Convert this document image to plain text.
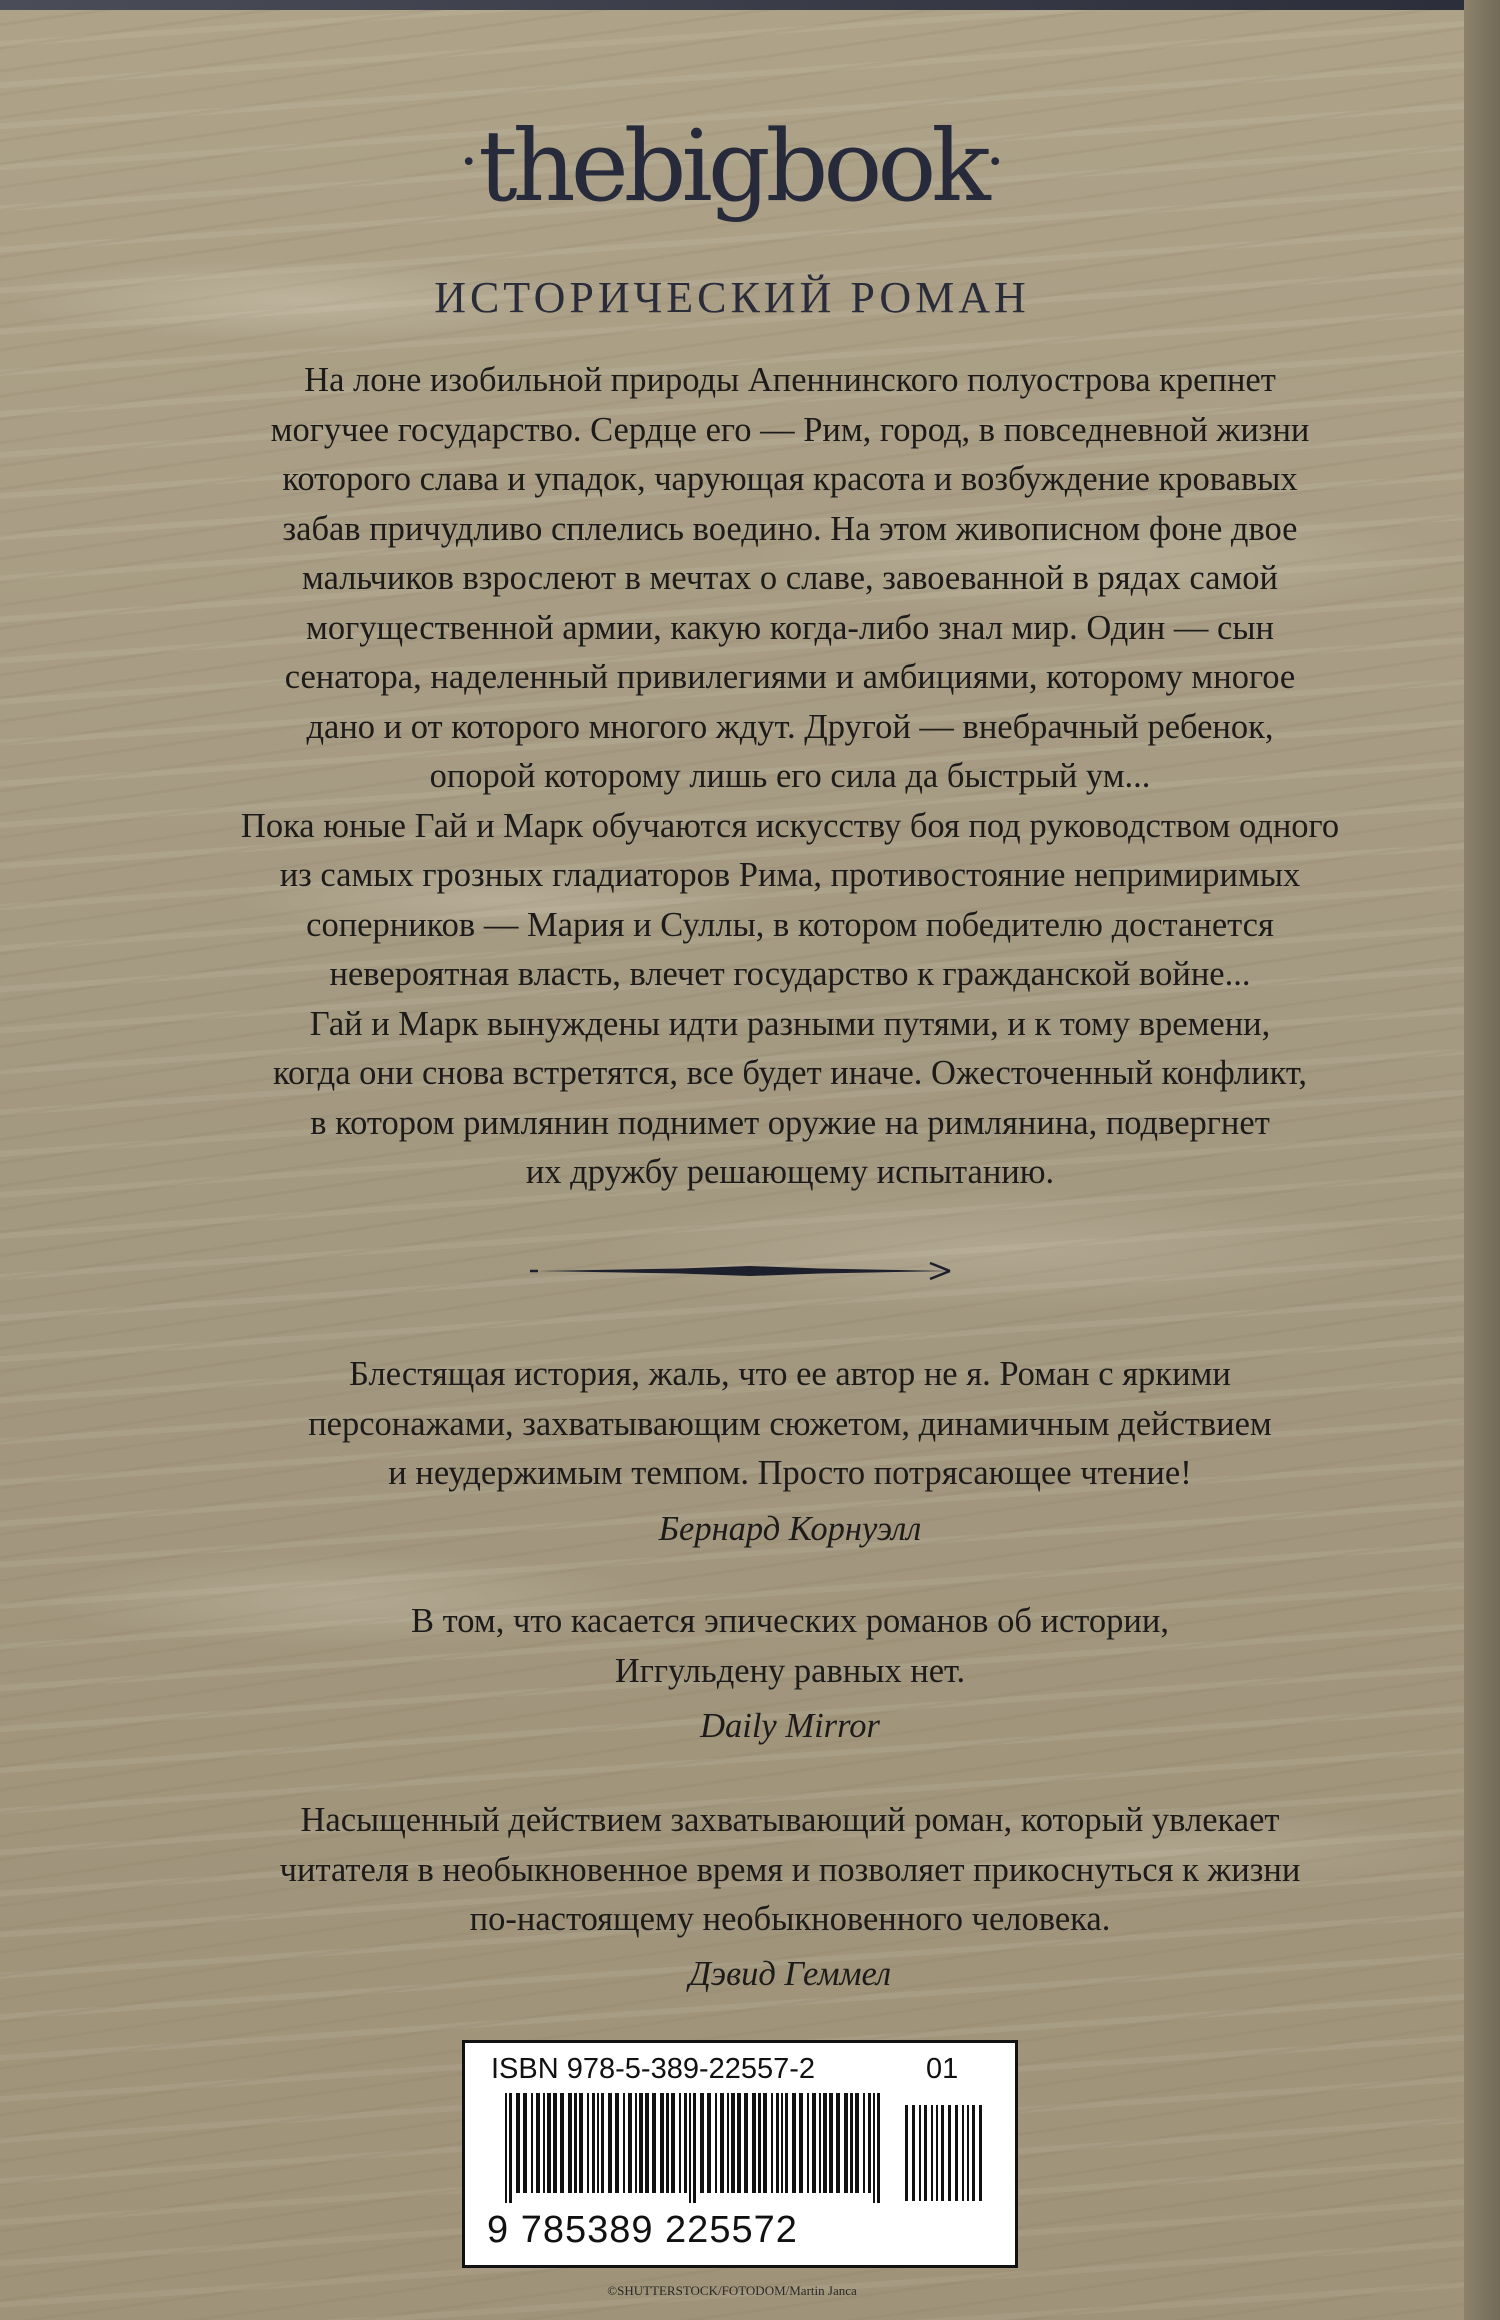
·thebigbook·
ИСТОРИЧЕСКИЙ РОМАН
На лоне изобильной природы Апеннинского полуострова крепнет
могучее государство. Сердце его — Рим, город, в повседневной жизни
которого слава и упадок, чарующая красота и возбуждение кровавых
забав причудливо сплелись воедино. На этом живописном фоне двое
мальчиков взрослеют в мечтах о славе, завоеванной в рядах самой
могущественной армии, какую когда-либо знал мир. Один — сын
сенатора, наделенный привилегиями и амбициями, которому многое
дано и от которого многого ждут. Другой — внебрачный ребенок,
опорой которому лишь его сила да быстрый ум...
Пока юные Гай и Марк обучаются искусству боя под руководством одного
из самых грозных гладиаторов Рима, противостояние непримиримых
соперников — Мария и Суллы, в котором победителю достанется
невероятная власть, влечет государство к гражданской войне...
Гай и Марк вынуждены идти разными путями, и к тому времени,
когда они снова встретятся, все будет иначе. Ожесточенный конфликт,
в котором римлянин поднимет оружие на римлянина, подвергнет
их дружбу решающему испытанию.
Блестящая история, жаль, что ее автор не я. Роман с яркими
персонажами, захватывающим сюжетом, динамичным действием
и неудержимым темпом. Просто потрясающее чтение!
Бернард Корнуэлл
В том, что касается эпических романов об истории,
Иггульдену равных нет.
Daily Mirror
Насыщенный действием захватывающий роман, который увлекает
читателя в необыкновенное время и позволяет прикоснуться к жизни
по-настоящему необыкновенного человека.
Дэвид Геммел
ISBN 978-5-389-22557-2	01
9 785389 225572
©SHUTTERSTOCK/FOTODOM/Martin Janca
